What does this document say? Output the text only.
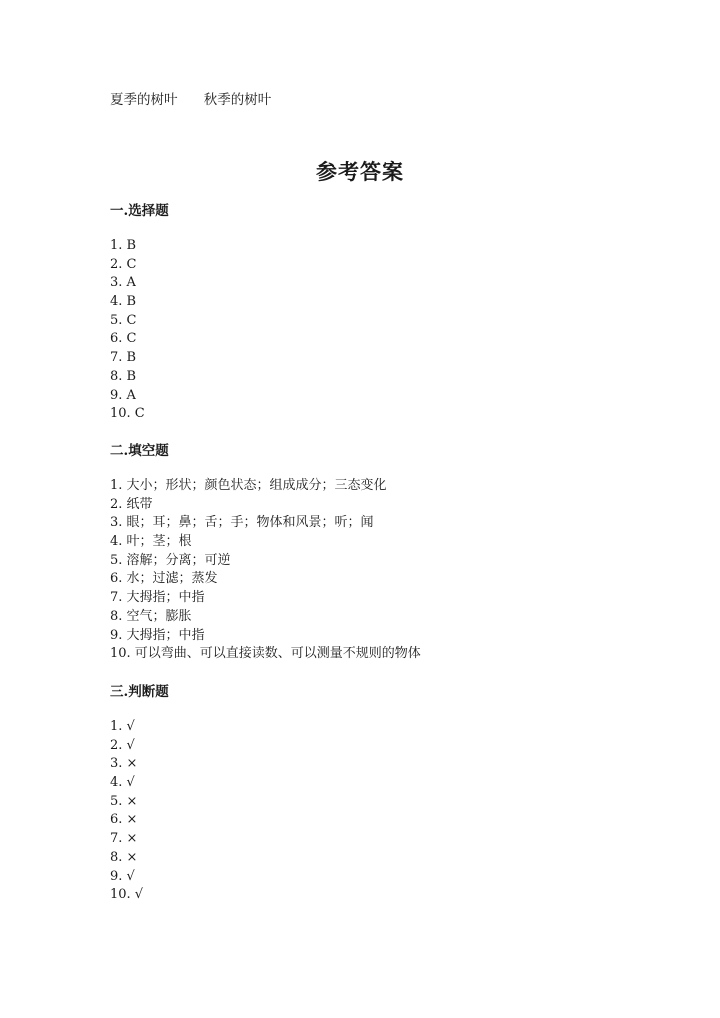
夏季的树叶 秋季的树叶
参考答案
一.选择题
1. B
2. C
3. A
4. B
5. C
6. C
7. B
8. B
9. A
10. C
二.填空题
1. 大小；形状；颜色状态；组成成分；三态变化
2. 纸带
3. 眼；耳；鼻；舌；手；物体和风景；听；闻
4. 叶；茎；根
5. 溶解；分离；可逆
6. 水；过滤；蒸发
7. 大拇指；中指
8. 空气；膨胀
9. 大拇指；中指
10. 可以弯曲、可以直接读数、可以测量不规则的物体
三.判断题
1. √
2. √
3. ×
4. √
5. ×
6. ×
7. ×
8. ×
9. √
10. √
